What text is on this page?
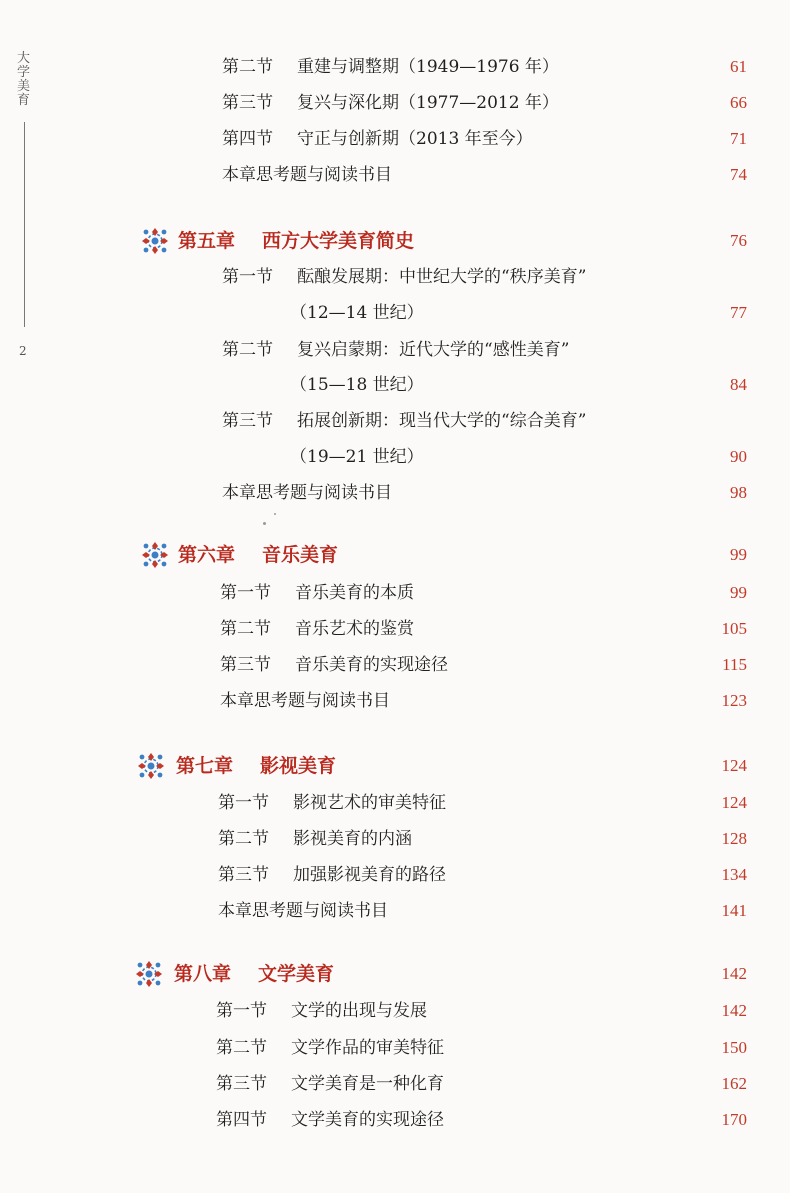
大学美育
2
第二节 重建与调整期（1949—1976 年）	61
第三节 复兴与深化期（1977—2012 年）	66
第四节 守正与创新期（2013 年至今）	71
本章思考题与阅读书目	74
第五章 西方大学美育简史	76
第一节 酝酿发展期：中世纪大学的“秩序美育”
（12—14 世纪）	77
第二节 复兴启蒙期：近代大学的“感性美育”
（15—18 世纪）	84
第三节 拓展创新期：现当代大学的“综合美育”
（19—21 世纪）	90
本章思考题与阅读书目	98
第六章 音乐美育	99
第一节 音乐美育的本质	99
第二节 音乐艺术的鉴赏	105
第三节 音乐美育的实现途径	115
本章思考题与阅读书目	123
第七章 影视美育	124
第一节 影视艺术的审美特征	124
第二节 影视美育的内涵	128
第三节 加强影视美育的路径	134
本章思考题与阅读书目	141
第八章 文学美育	142
第一节 文学的出现与发展	142
第二节 文学作品的审美特征	150
第三节 文学美育是一种化育	162
第四节 文学美育的实现途径	170
